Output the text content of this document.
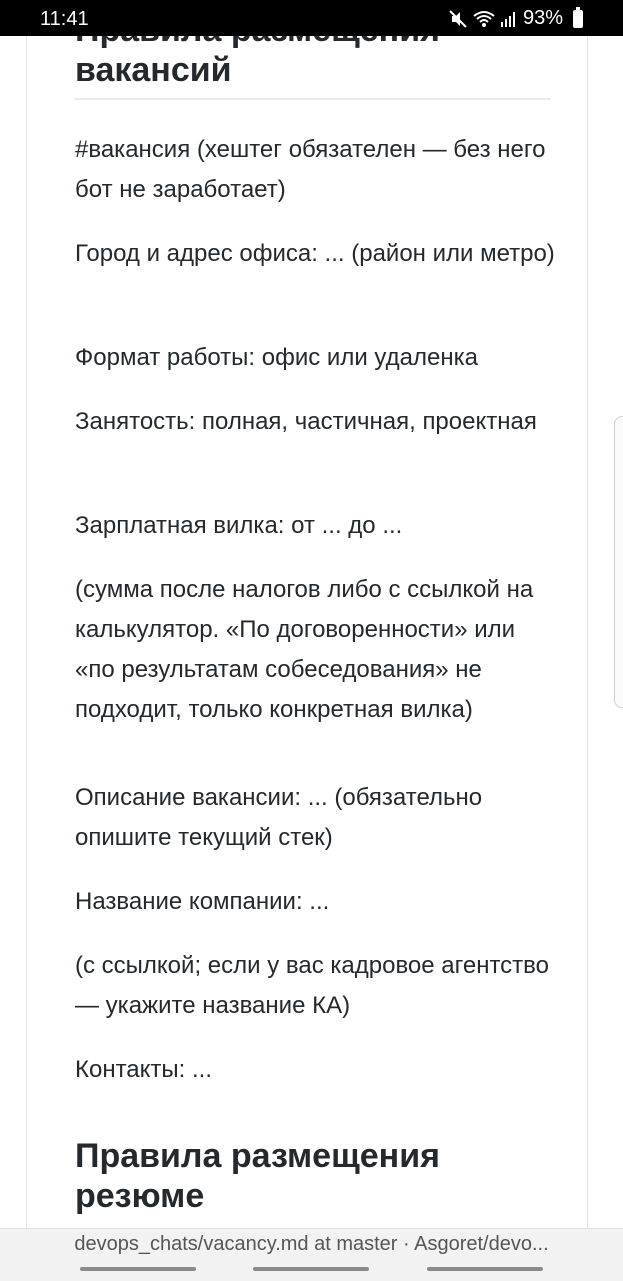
11:41	93%
вакансий

#вакансия (хештег обязателен — без него бот не заработает)

Город и адрес офиса: ... (район или метро)

Формат работы: офис или удаленка

Занятость: полная, частичная, проектная

Зарплатная вилка: от ... до ...

(сумма после налогов либо с ссылкой на калькулятор. «По договоренности» или «по результатам собеседования» не подходит, только конкретная вилка)

Описание вакансии: ... (обязательно опишите текущий стек)

Название компании: ...

(с ссылкой; если у вас кадровое агентство — укажите название КА)

Контакты: ...

Правила размещения резюме
devops_chats/vacancy.md at master · Asgoret/devo...
